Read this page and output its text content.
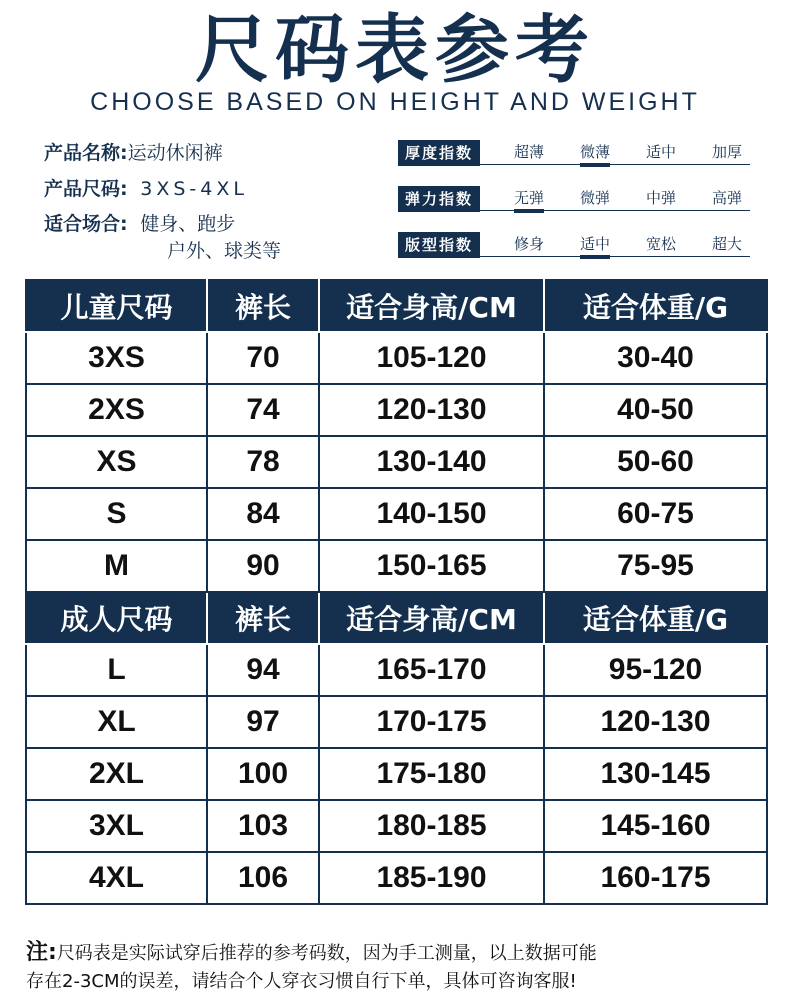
尺码表参考
CHOOSE BASED ON HEIGHT AND WEIGHT
产品名称:运动休闲裤
产品尺码: 3XS-4XL
适合场合: 健身、跑步
户外、球类等
厚度指数	超薄	微薄	适中	加厚
弹力指数	无弹	微弹	中弹	高弹
版型指数	修身	适中	宽松	超大
儿童尺码	裤长	适合身高/CM	适合体重/G
3XS	70	105-120	30-40
2XS	74	120-130	40-50
XS	78	130-140	50-60
S	84	140-150	60-75
M	90	150-165	75-95
成人尺码	裤长	适合身高/CM	适合体重/G
L	94	165-170	95-120
XL	97	170-175	120-130
2XL	100	175-180	130-145
3XL	103	180-185	145-160
4XL	106	185-190	160-175
注:尺码表是实际试穿后推荐的参考码数，因为手工测量，以上数据可能
存在2-3CM的误差，请结合个人穿衣习惯自行下单，具体可咨询客服!
